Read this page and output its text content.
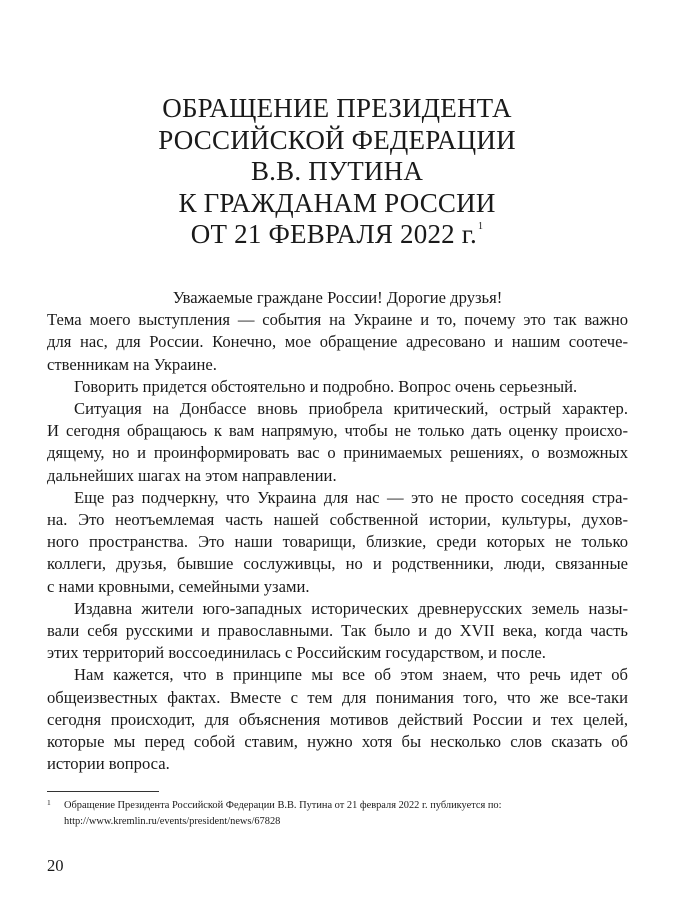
ОБРАЩЕНИЕ ПРЕЗИДЕНТА
РОССИЙСКОЙ ФЕДЕРАЦИИ
В.В. ПУТИНА
К ГРАЖДАНАМ РОССИИ
ОТ 21 ФЕВРАЛЯ 2022 г.$^1$
Уважаемые граждане России! Дорогие друзья!
Тема моего выступления — события на Украине и то, почему это так важно
для нас, для России. Конечно, мое обращение адресовано и нашим соотече-
ственникам на Украине.
Говорить придется обстоятельно и подробно. Вопрос очень серьезный.
Ситуация на Донбассе вновь приобрела критический, острый характер.
И сегодня обращаюсь к вам напрямую, чтобы не только дать оценку происхо-
дящему, но и проинформировать вас о принимаемых решениях, о возможных
дальнейших шагах на этом направлении.
Еще раз подчеркну, что Украина для нас — это не просто соседняя стра-
на. Это неотъемлемая часть нашей собственной истории, культуры, духов-
ного пространства. Это наши товарищи, близкие, среди которых не только
коллеги, друзья, бывшие сослуживцы, но и родственники, люди, связанные
с нами кровными, семейными узами.
Издавна жители юго-западных исторических древнерусских земель назы-
вали себя русскими и православными. Так было и до XVII века, когда часть
этих территорий воссоединилась с Российским государством, и после.
Нам кажется, что в принципе мы все об этом знаем, что речь идет об
общеизвестных фактах. Вместе с тем для понимания того, что же все-таки
сегодня происходит, для объяснения мотивов действий России и тех целей,
которые мы перед собой ставим, нужно хотя бы несколько слов сказать об
истории вопроса.
1 Обращение Президента Российской Федерации В.В. Путина от 21 февраля 2022 г. публикуется по:
http://www.kremlin.ru/events/president/news/67828
20
